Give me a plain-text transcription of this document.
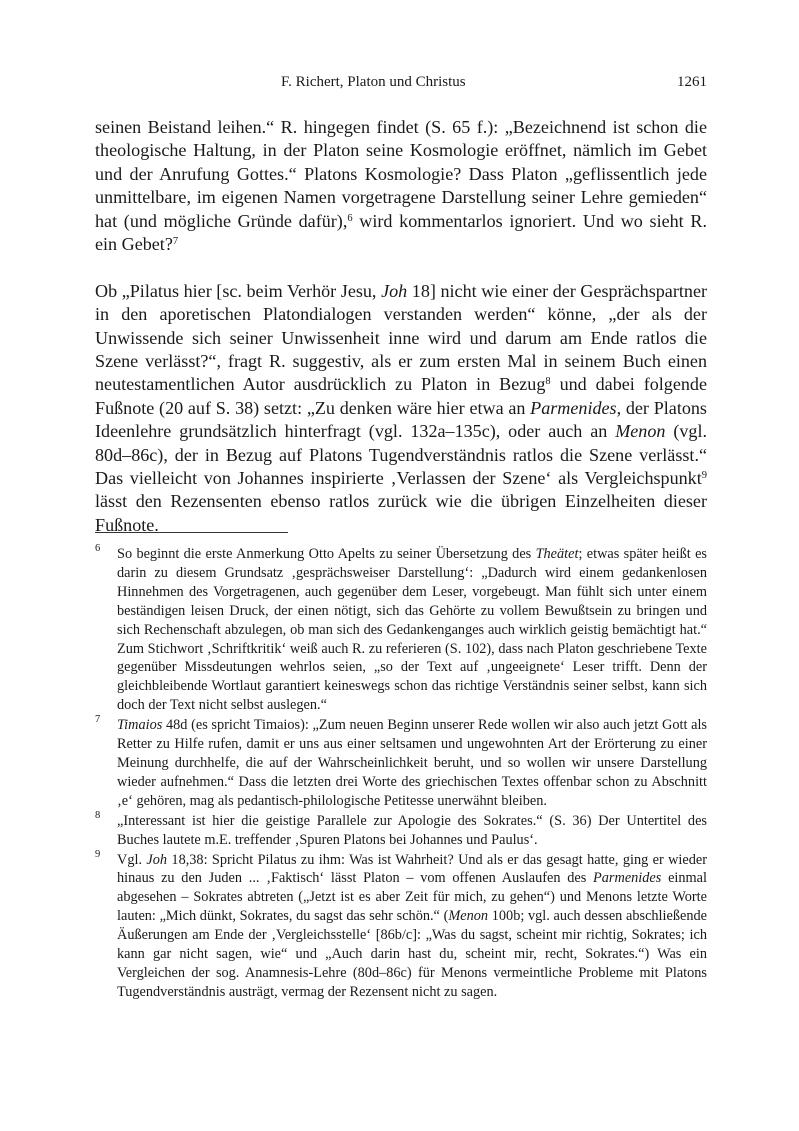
F. Richert, Platon und Christus	1261

seinen Beistand leihen.“ R. hingegen findet (S. 65 f.): „Bezeichnend ist schon die theologische Haltung, in der Platon seine Kosmologie eröffnet, nämlich im Gebet und der Anrufung Gottes.“ Platons Kosmologie? Dass Platon „geflissentlich jede unmittelbare, im eigenen Namen vorgetragene Darstellung seiner Lehre gemieden“ hat (und mögliche Gründe dafür),$^6$ wird kommentarlos ignoriert. Und wo sieht R. ein Gebet?$^7$

Ob „Pilatus hier [sc. beim Verhör Jesu, Joh 18] nicht wie einer der Gesprächspartner in den aporetischen Platondialogen verstanden werden“ könne, „der als der Unwissende sich seiner Unwissenheit inne wird und darum am Ende ratlos die Szene verlässt?“, fragt R. suggestiv, als er zum ersten Mal in seinem Buch einen neutestamentlichen Autor ausdrücklich zu Platon in Bezug$^8$ und dabei folgende Fußnote (20 auf S. 38) setzt: „Zu denken wäre hier etwa an Parmenides, der Platons Ideenlehre grundsätzlich hinterfragt (vgl. 132a–135c), oder auch an Menon (vgl. 80d–86c), der in Bezug auf Platons Tugendverständnis ratlos die Szene verlässt.“ Das vielleicht von Johannes inspirierte ‚Verlassen der Szene‘ als Vergleichspunkt$^9$ lässt den Rezensenten ebenso ratlos zurück wie die übrigen Einzelheiten dieser Fußnote.

6 So beginnt die erste Anmerkung Otto Apelts zu seiner Übersetzung des Theätet; etwas später heißt es darin zu diesem Grundsatz ‚gesprächsweiser Darstellung‘: „Dadurch wird einem gedankenlosen Hinnehmen des Vorgetragenen, auch gegenüber dem Leser, vorgebeugt. Man fühlt sich unter einem beständigen leisen Druck, der einen nötigt, sich das Gehörte zu vollem Bewußtsein zu bringen und sich Rechenschaft abzulegen, ob man sich des Gedankenganges auch wirklich geistig bemächtigt hat.“ Zum Stichwort ‚Schriftkritik‘ weiß auch R. zu referieren (S. 102), dass nach Platon geschriebene Texte gegenüber Missdeutungen wehrlos seien, „so der Text auf ‚ungeeignete‘ Leser trifft. Denn der gleichbleibende Wortlaut garantiert keineswegs schon das richtige Verständnis seiner selbst, kann sich doch der Text nicht selbst auslegen.“
7 Timaios 48d (es spricht Timaios): „Zum neuen Beginn unserer Rede wollen wir also auch jetzt Gott als Retter zu Hilfe rufen, damit er uns aus einer seltsamen und ungewohnten Art der Erörterung zu einer Meinung durchhelfe, die auf der Wahrscheinlichkeit beruht, und so wollen wir unsere Darstellung wieder aufnehmen.“ Dass die letzten drei Worte des griechischen Textes offenbar schon zu Abschnitt ‚e‘ gehören, mag als pedantisch-philologische Petitesse unerwähnt bleiben.
8 „Interessant ist hier die geistige Parallele zur Apologie des Sokrates.“ (S. 36) Der Untertitel des Buches lautete m.E. treffender ‚Spuren Platons bei Johannes und Paulus‘.
9 Vgl. Joh 18,38: Spricht Pilatus zu ihm: Was ist Wahrheit? Und als er das gesagt hatte, ging er wieder hinaus zu den Juden ... ‚Faktisch‘ lässt Platon – vom offenen Auslaufen des Parmenides einmal abgesehen – Sokrates abtreten („Jetzt ist es aber Zeit für mich, zu gehen“) und Menons letzte Worte lauten: „Mich dünkt, Sokrates, du sagst das sehr schön.“ (Menon 100b; vgl. auch dessen abschließende Äußerungen am Ende der ‚Vergleichsstelle‘ [86b/c]: „Was du sagst, scheint mir richtig, Sokrates; ich kann gar nicht sagen, wie“ und „Auch darin hast du, scheint mir, recht, Sokrates.“) Was ein Vergleichen der sog. Anamnesis-Lehre (80d–86c) für Menons vermeintliche Probleme mit Platons Tugendverständnis austrägt, vermag der Rezensent nicht zu sagen.
